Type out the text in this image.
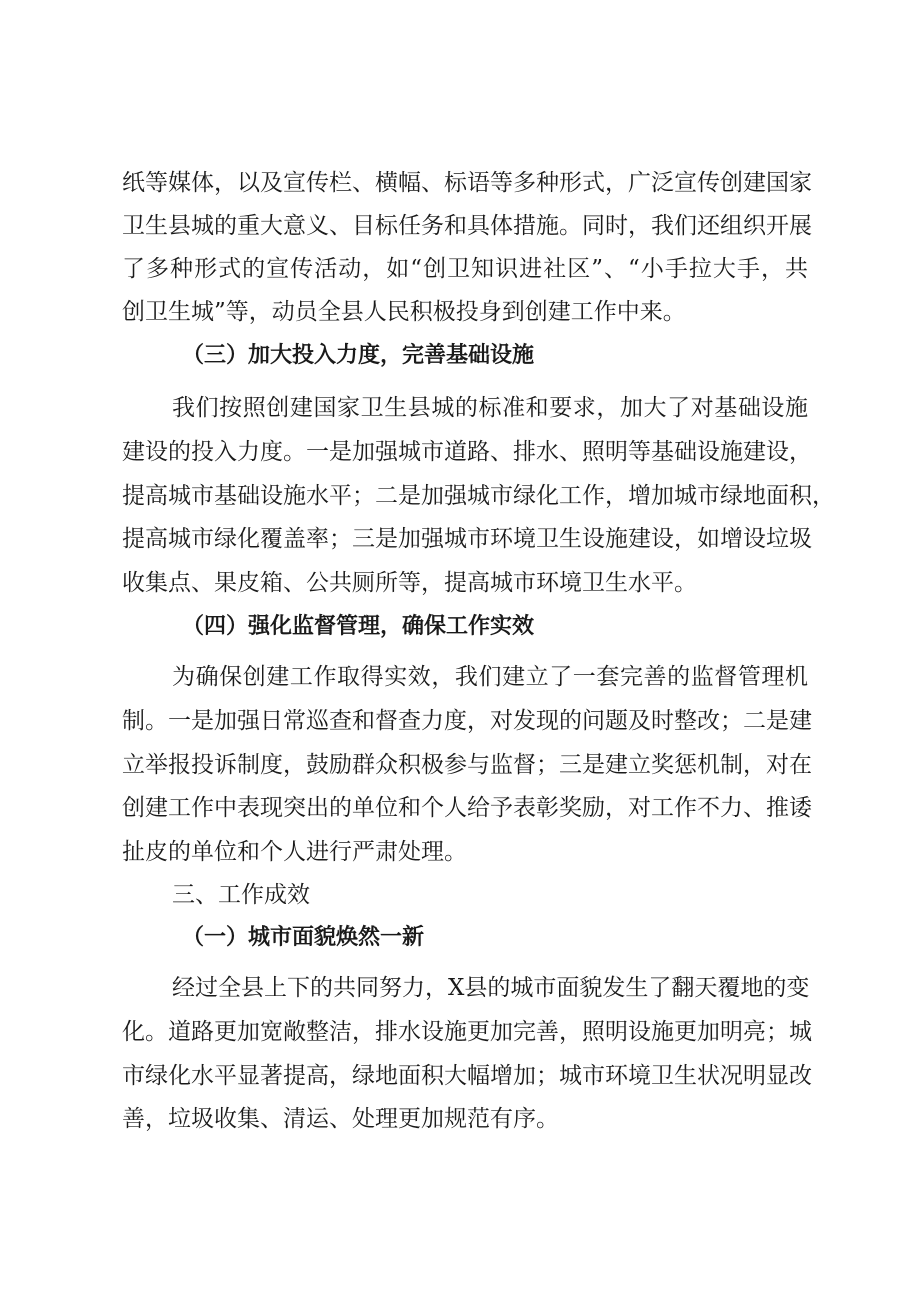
纸等媒体，以及宣传栏、横幅、标语等多种形式，广泛宣传创建国家
卫生县城的重大意义、目标任务和具体措施。同时，我们还组织开展
了多种形式的宣传活动，如“创卫知识进社区”、“小手拉大手，共
创卫生城”等，动员全县人民积极投身到创建工作中来。
（三）加大投入力度，完善基础设施
我们按照创建国家卫生县城的标准和要求，加大了对基础设施
建设的投入力度。一是加强城市道路、排水、照明等基础设施建设，
提高城市基础设施水平；二是加强城市绿化工作，增加城市绿地面积，
提高城市绿化覆盖率；三是加强城市环境卫生设施建设，如增设垃圾
收集点、果皮箱、公共厕所等，提高城市环境卫生水平。
（四）强化监督管理，确保工作实效
为确保创建工作取得实效，我们建立了一套完善的监督管理机
制。一是加强日常巡查和督查力度，对发现的问题及时整改；二是建
立举报投诉制度，鼓励群众积极参与监督；三是建立奖惩机制，对在
创建工作中表现突出的单位和个人给予表彰奖励，对工作不力、推诿
扯皮的单位和个人进行严肃处理。
三、工作成效
（一）城市面貌焕然一新
经过全县上下的共同努力，X县的城市面貌发生了翻天覆地的变
化。道路更加宽敞整洁，排水设施更加完善，照明设施更加明亮；城
市绿化水平显著提高，绿地面积大幅增加；城市环境卫生状况明显改
善，垃圾收集、清运、处理更加规范有序。
